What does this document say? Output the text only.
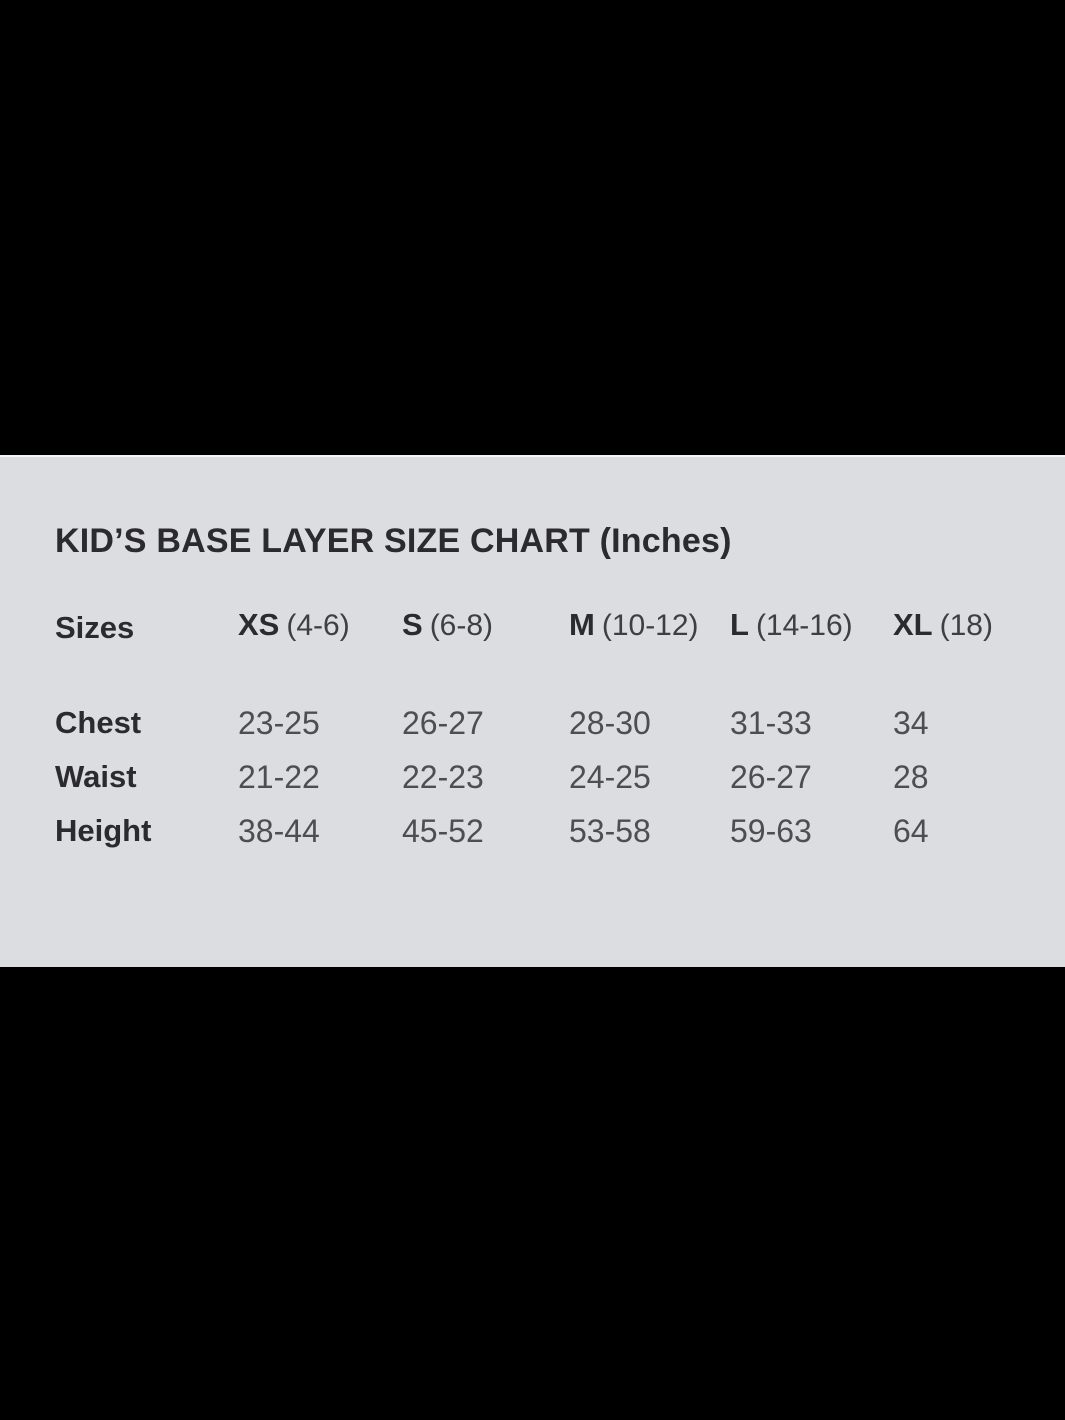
KID’S BASE LAYER SIZE CHART (Inches)
Sizes	XS (4-6)	S (6-8)	M (10-12)	L (14-16)	XL (18)
Chest	23-25	26-27	28-30	31-33	34
Waist	21-22	22-23	24-25	26-27	28
Height	38-44	45-52	53-58	59-63	64
